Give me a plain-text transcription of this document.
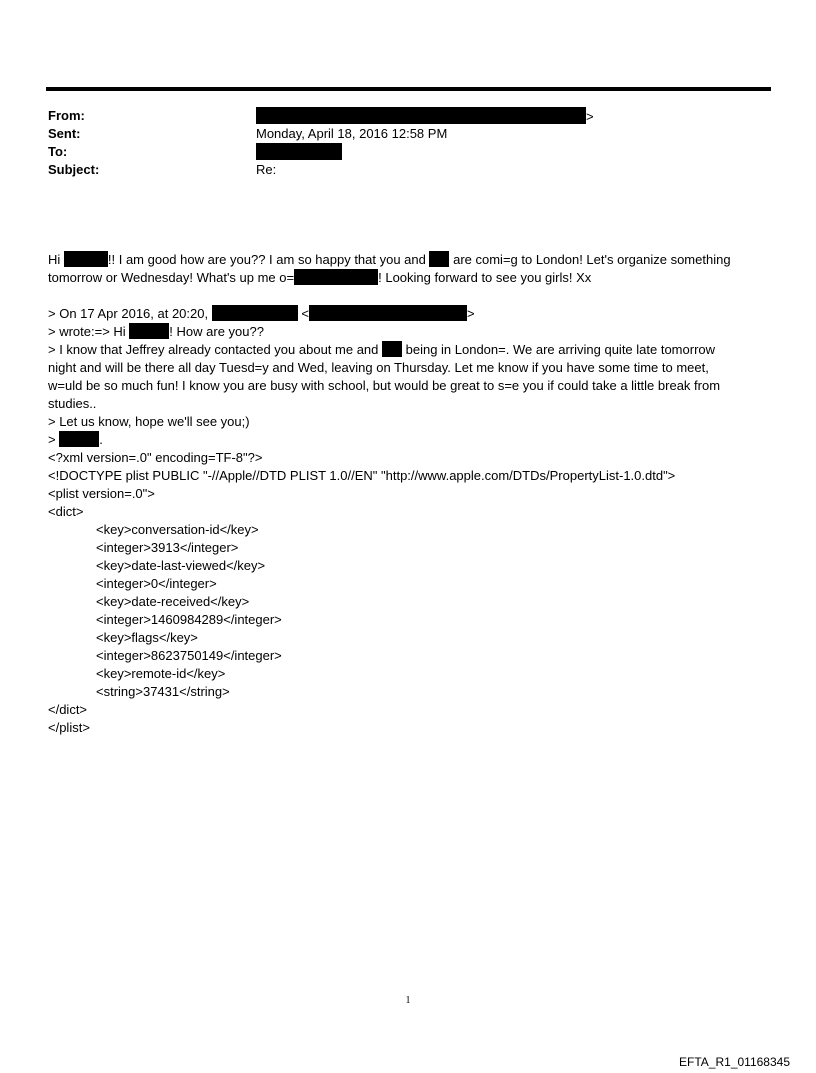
From:	>
Sent:	Monday, April 18, 2016 12:58 PM
To:
Subject:	Re:
Hi	!! I am good how are you?? I am so happy that you and  are comi=g to London! Let's organize something
tomorrow or Wednesday! What's up me o=	! Looking forward to see you girls! Xx
> On 17 Apr 2016, at 20:20,	<	>
> wrote:=> Hi	! How are you??
> I know that Jeffrey already contacted you about me and  being in London=. We are arriving quite late tomorrow
night and will be there all day Tuesd=y and Wed, leaving on Thursday. Let me know if you have some time to meet,
w=uld be so much fun! I know you are busy with school, but would be great to s=e you if could take a little break from
studies..
> Let us know, hope we'll see you;)
>	.
<?xml version=.0" encoding=TF-8"?>
<!DOCTYPE plist PUBLIC "-//Apple//DTD PLIST 1.0//EN" "http://www.apple.com/DTDs/PropertyList-1.0.dtd">
<plist version=.0">
<dict>
<key>conversation-id</key>
<integer>3913</integer>
<key>date-last-viewed</key>
<integer>0</integer>
<key>date-received</key>
<integer>1460984289</integer>
<key>flags</key>
<integer>8623750149</integer>
<key>remote-id</key>
<string>37431</string>
</dict>
</plist>
1
EFTA_R1_01168345
